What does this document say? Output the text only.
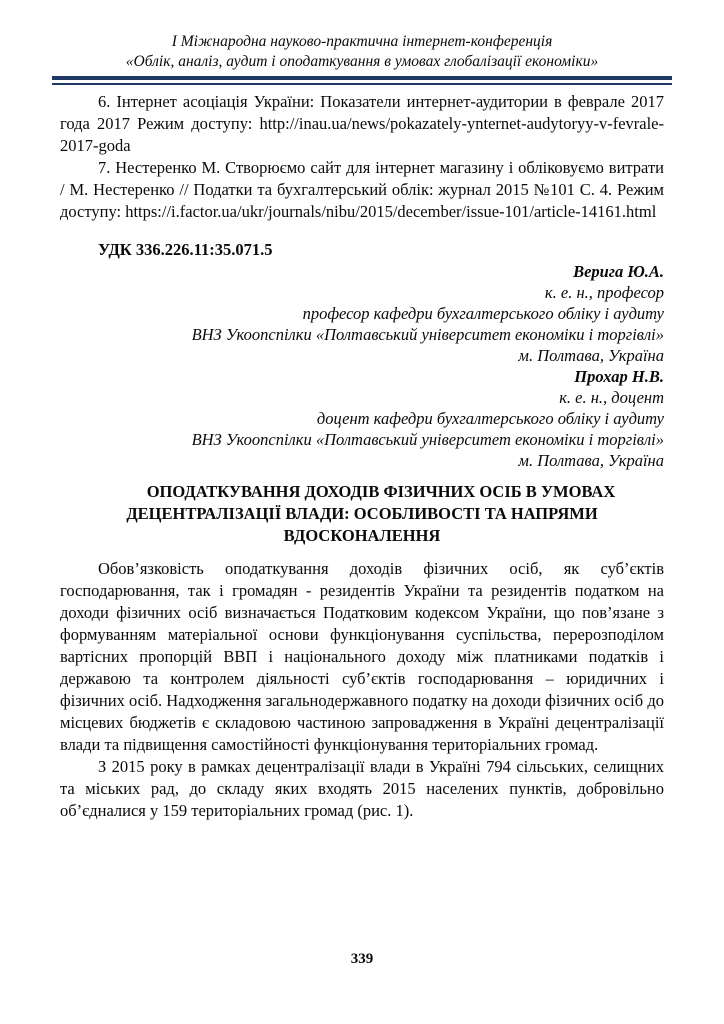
І Міжнародна науково-практична інтернет-конференція
«Облік, аналіз, аудит і оподаткування в умовах глобалізації економіки»

6. Інтернет асоціація України: Показатели интернет-аудитории в феврале 2017 года 2017 Режим доступу: http://inau.ua/news/pokazately-ynternet-audytoryy-v-fevrale-2017-goda

7. Нестеренко М. Створюємо сайт для інтернет магазину і обліковуємо витрати / М. Нестеренко // Податки та бухгалтерський облік: журнал 2015 №101 С. 4. Режим доступу: https://i.factor.ua/ukr/journals/nibu/2015/december/issue-101/article-14161.html

УДК 336.226.11:35.071.5
Верига Ю.А.
к. е. н., професор
професор кафедри бухгалтерського обліку і аудиту
ВНЗ Укоопспілки «Полтавський університет економіки і торгівлі»
м. Полтава, Україна
Прохар Н.В.
к. е. н., доцент
доцент кафедри бухгалтерського обліку і аудиту
ВНЗ Укоопспілки «Полтавський університет економіки і торгівлі»
м. Полтава, Україна
ОПОДАТКУВАННЯ ДОХОДІВ ФІЗИЧНИХ ОСІБ В УМОВАХ ДЕЦЕНТРАЛІЗАЦІЇ ВЛАДИ: ОСОБЛИВОСТІ ТА НАПРЯМИ ВДОСКОНАЛЕННЯ

Обов’язковість оподаткування доходів фізичних осіб, як суб’єктів господарювання, так і громадян - резидентів України та резидентів податком на доходи фізичних осіб визначається Податковим кодексом України, що пов’язане з формуванням матеріальної основи функціонування суспільства, перерозподілом вартісних пропорцій ВВП і національного доходу між платниками податків і державою та контролем діяльності суб’єктів господарювання – юридичних і фізичних осіб. Надходження загальнодержавного податку на доходи фізичних осіб до місцевих бюджетів є складовою частиною запровадження в Україні децентралізації влади та підвищення самостійності функціонування територіальних громад.

З 2015 року в рамках децентралізації влади в Україні 794 сільських, селищних та міських рад, до складу яких входять 2015 населених пунктів, добровільно об’єдналися у 159 територіальних громад (рис. 1).

339
